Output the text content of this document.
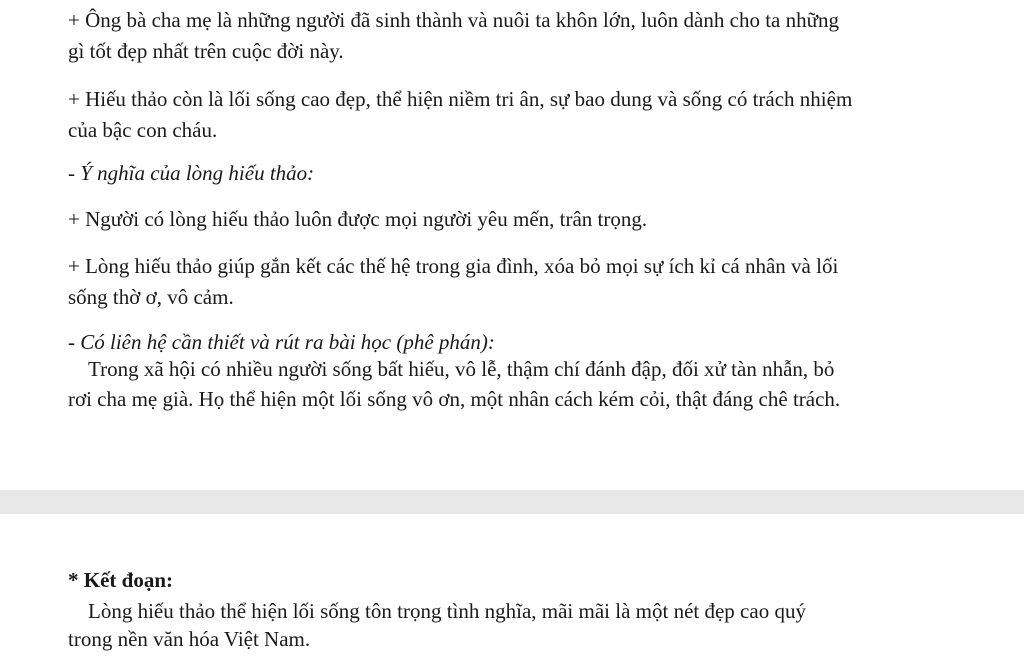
+ Ông bà cha mẹ là những người đã sinh thành và nuôi ta khôn lớn, luôn dành cho ta những
gì tốt đẹp nhất trên cuộc đời này.
+ Hiếu thảo còn là lối sống cao đẹp, thể hiện niềm tri ân, sự bao dung và sống có trách nhiệm
của bậc con cháu.
- Ý nghĩa của lòng hiếu thảo:
+ Người có lòng hiếu thảo luôn được mọi người yêu mến, trân trọng.
+ Lòng hiếu thảo giúp gắn kết các thế hệ trong gia đình, xóa bỏ mọi sự ích kỉ cá nhân và lối
sống thờ ơ, vô cảm.
- Có liên hệ cần thiết và rút ra bài học (phê phán):
Trong xã hội có nhiều người sống bất hiếu, vô lễ, thậm chí đánh đập, đối xử tàn nhẫn, bỏ
rơi cha mẹ già. Họ thể hiện một lối sống vô ơn, một nhân cách kém cỏi, thật đáng chê trách.
* Kết đoạn:
Lòng hiếu thảo thể hiện lối sống tôn trọng tình nghĩa, mãi mãi là một nét đẹp cao quý
trong nền văn hóa Việt Nam.
